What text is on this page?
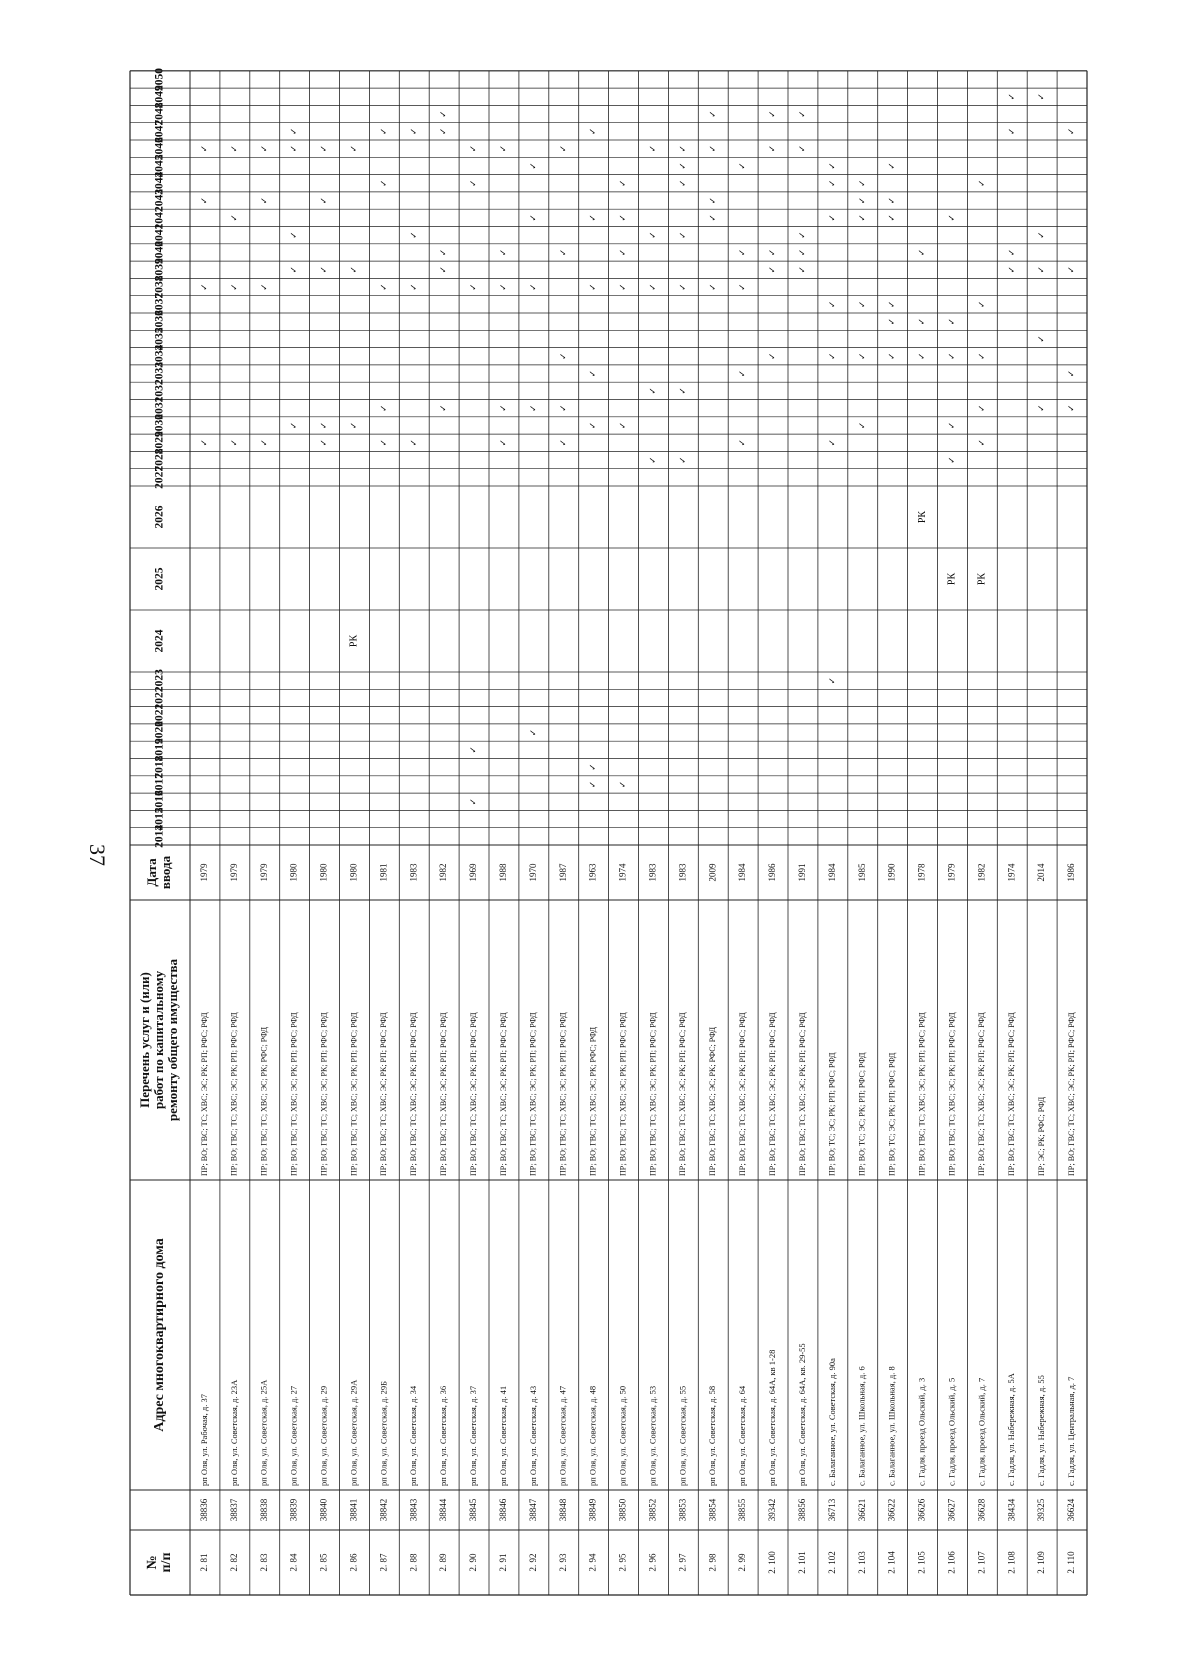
37
№ п/п
Адрес многоквартирного дома
Перечень услуг и (или) работ по капитальному ремонту общего имущества
Дата ввода
2014
2015
2016
2017
2018
2019
2020
2021
2022
2023
2024
2025
2026
2027
2028
2029
2030
2031
2032
2033
2034
2035
2036
2037
2038
2039
2040
2041
2042
2043
2044
2045
2046
2047
2048
2049
2050
2. 81
38836
рп Оля, ул. Рабочая, д. 37
ПР; ВО; ГВС; ТС; ХВС; ЭС; РК; РП; РФС; РФД
1979
✓
✓
✓
✓
2. 82
38837
рп Оля, ул. Советская, д. 23А
ПР; ВО; ГВС; ТС; ХВС; ЭС; РК; РП; РФС; РФД
1979
✓
✓
✓
✓
2. 83
38838
рп Оля, ул. Советская, д. 25А
ПР; ВО; ГВС; ТС; ХВС; ЭС; РК; РФС; РФД
1979
✓
✓
✓
✓
2. 84
38839
рп Оля, ул. Советская, д. 27
ПР; ВО; ГВС; ТС; ХВС; ЭС; РК; РП; РФС; РФД
1980
✓
✓
✓
✓
✓
2. 85
38840
рп Оля, ул. Советская, д. 29
ПР; ВО; ГВС; ТС; ХВС; ЭС; РК; РП; РФС; РФД
1980
✓
✓
✓
✓
✓
2. 86
38841
рп Оля, ул. Советская, д. 29А
ПР; ВО; ГВС; ТС; ХВС; ЭС; РК; РП; РФС; РФД
1980
РК
✓
✓
✓
2. 87
38842
рп Оля, ул. Советская, д. 29Б
ПР; ВО; ГВС; ТС; ХВС; ЭС; РК; РП; РФС; РФД
1981
✓
✓
✓
✓
✓
2. 88
38843
рп Оля, ул. Советская, д. 34
ПР; ВО; ГВС; ТС; ХВС; ЭС; РК; РП; РФС; РФД
1983
✓
✓
✓
✓
2. 89
38844
рп Оля, ул. Советская, д. 36
ПР; ВО; ГВС; ТС; ХВС; ЭС; РК; РП; РФС; РФД
1982
✓
✓
✓
✓
✓
2. 90
38845
рп Оля, ул. Советская, д. 37
ПР; ВО; ГВС; ТС; ХВС; ЭС; РК; РП; РФС; РФД
1969
✓
✓
✓
✓
✓
2. 91
38846
рп Оля, ул. Советская, д. 41
ПР; ВО; ГВС; ТС; ХВС; ЭС; РК; РП; РФС; РФД
1988
✓
✓
✓
✓
✓
2. 92
38847
рп Оля, ул. Советская, д. 43
ПР; ВО; ГВС; ТС; ХВС; ЭС; РК; РП; РФС; РФД
1970
✓
✓
✓
✓
✓
2. 93
38848
рп Оля, ул. Советская, д. 47
ПР; ВО; ГВС; ТС; ХВС; ЭС; РК; РП; РФС; РФД
1987
✓
✓
✓
✓
✓
2. 94
38849
рп Оля, ул. Советская, д. 48
ПР; ВО; ГВС; ТС; ХВС; ЭС; РК; РФС; РФД
1963
✓
✓
✓
✓
✓
✓
✓
2. 95
38850
рп Оля, ул. Советская, д. 50
ПР; ВО; ГВС; ТС; ХВС; ЭС; РК; РП; РФС; РФД
1974
✓
✓
✓
✓
✓
✓
2. 96
38852
рп Оля, ул. Советская, д. 53
ПР; ВО; ГВС; ТС; ХВС; ЭС; РК; РП; РФС; РФД
1983
✓
✓
✓
✓
✓
2. 97
38853
рп Оля, ул. Советская, д. 55
ПР; ВО; ГВС; ТС; ХВС; ЭС; РК; РП; РФС; РФД
1983
✓
✓
✓
✓
✓
✓
✓
2. 98
38854
рп Оля, ул. Советская, д. 58
ПР; ВО; ГВС; ТС; ХВС; ЭС; РК; РФС; РФД
2009
✓
✓
✓
✓
✓
2. 99
38855
рп Оля, ул. Советская, д. 64
ПР; ВО; ГВС; ТС; ХВС; ЭС; РК; РП; РФС; РФД
1984
✓
✓
✓
✓
✓
2. 100
39342
рп Оля, ул. Советская, д. 64А, кв 1-28
ПР; ВО; ГВС; ТС; ХВС; ЭС; РК; РП; РФС; РФД
1986
✓
✓
✓
✓
✓
2. 101
38856
рп Оля, ул. Советская, д. 64А, кв. 29-55
ПР; ВО; ГВС; ТС; ХВС; ЭС; РК; РП; РФС; РФД
1991
✓
✓
✓
✓
✓
2. 102
36713
с. Балаганное, ул. Советская, д. 90а
ПР; ВО; ТС; ЭС; РК; РП; РФС; РФД
1984
✓
✓
✓
✓
✓
✓
✓
2. 103
36621
с. Балаганное, ул. Школьная, д. 6
ПР; ВО; ТС; ЭС; РК; РП; РФС; РФД
1985
✓
✓
✓
✓
✓
✓
2. 104
36622
с. Балаганное, ул. Школьная, д. 8
ПР; ВО; ТС; ЭС; РК; РП; РФС; РФД
1990
✓
✓
✓
✓
✓
✓
2. 105
36626
с. Гадля, проезд Ольский, д. 3
ПР; ВО; ГВС; ТС; ХВС; ЭС; РК; РП; РФС; РФД
1978
РК
✓
✓
✓
2. 106
36627
с. Гадля, проезд Ольский, д. 5
ПР; ВО; ГВС; ТС; ХВС; ЭС; РК; РП; РФС; РФД
1979
РК
✓
✓
✓
✓
✓
2. 107
36628
с. Гадля, проезд Ольский, д. 7
ПР; ВО; ГВС; ТС; ХВС; ЭС; РК; РП; РФС; РФД
1982
РК
✓
✓
✓
✓
✓
2. 108
38434
с. Гадля, ул. Набережная, д. 5А
ПР; ВО; ГВС; ТС; ХВС; ЭС; РК; РП; РФС; РФД
1974
✓
✓
✓
✓
2. 109
39325
с. Гадля, ул. Набережная, д. 55
ПР; ЭС; РК; РФС; РФД
2014
✓
✓
✓
✓
✓
2. 110
36624
с. Гадля, ул. Центральная, д. 7
ПР; ВО; ГВС; ТС; ХВС; ЭС; РК; РП; РФС; РФД
1986
✓
✓
✓
✓
